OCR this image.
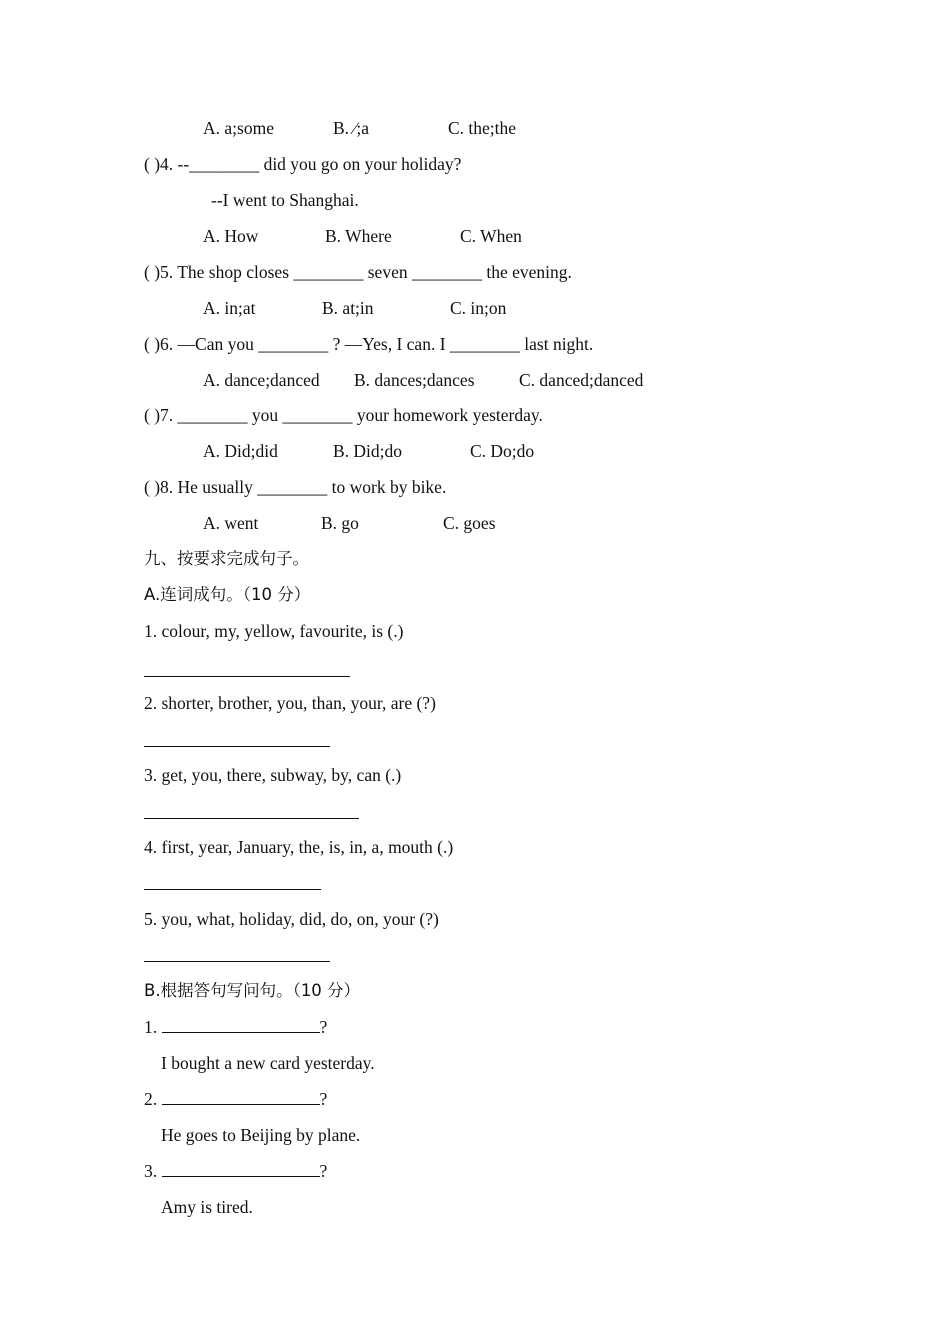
A. a;some	B. ∕;a	C. the;the
( )4. --________ did you go on your holiday?
--I went to Shanghai.
A. How	B. Where	C. When
( )5. The shop closes ________ seven ________ the evening.
A. in;at	B. at;in	C. in;on
( )6. —Can you ________ ? —Yes, I can. I ________ last night.
A. dance;danced B. dances;dances	C. danced;danced
( )7. ________ you ________ your homework yesterday.
A. Did;did	B. Did;do	C. Do;do
( )8. He usually ________ to work by bike.
A. went	B. go	C. goes
九、按要求完成句子。
A.连词成句。（10 分）
1. colour, my, yellow, favourite, is (.)
2. shorter, brother, you, than, your, are (?)
3. get, you, there, subway, by, can (.)
4. first, year, January, the, is, in, a, mouth (.)
5. you, what, holiday, did, do, on, your (?)
B.根据答句写问句。（10 分）
1.	?
I bought a new card yesterday.
2.	?
He goes to Beijing by plane.
3.	?
Amy is tired.
